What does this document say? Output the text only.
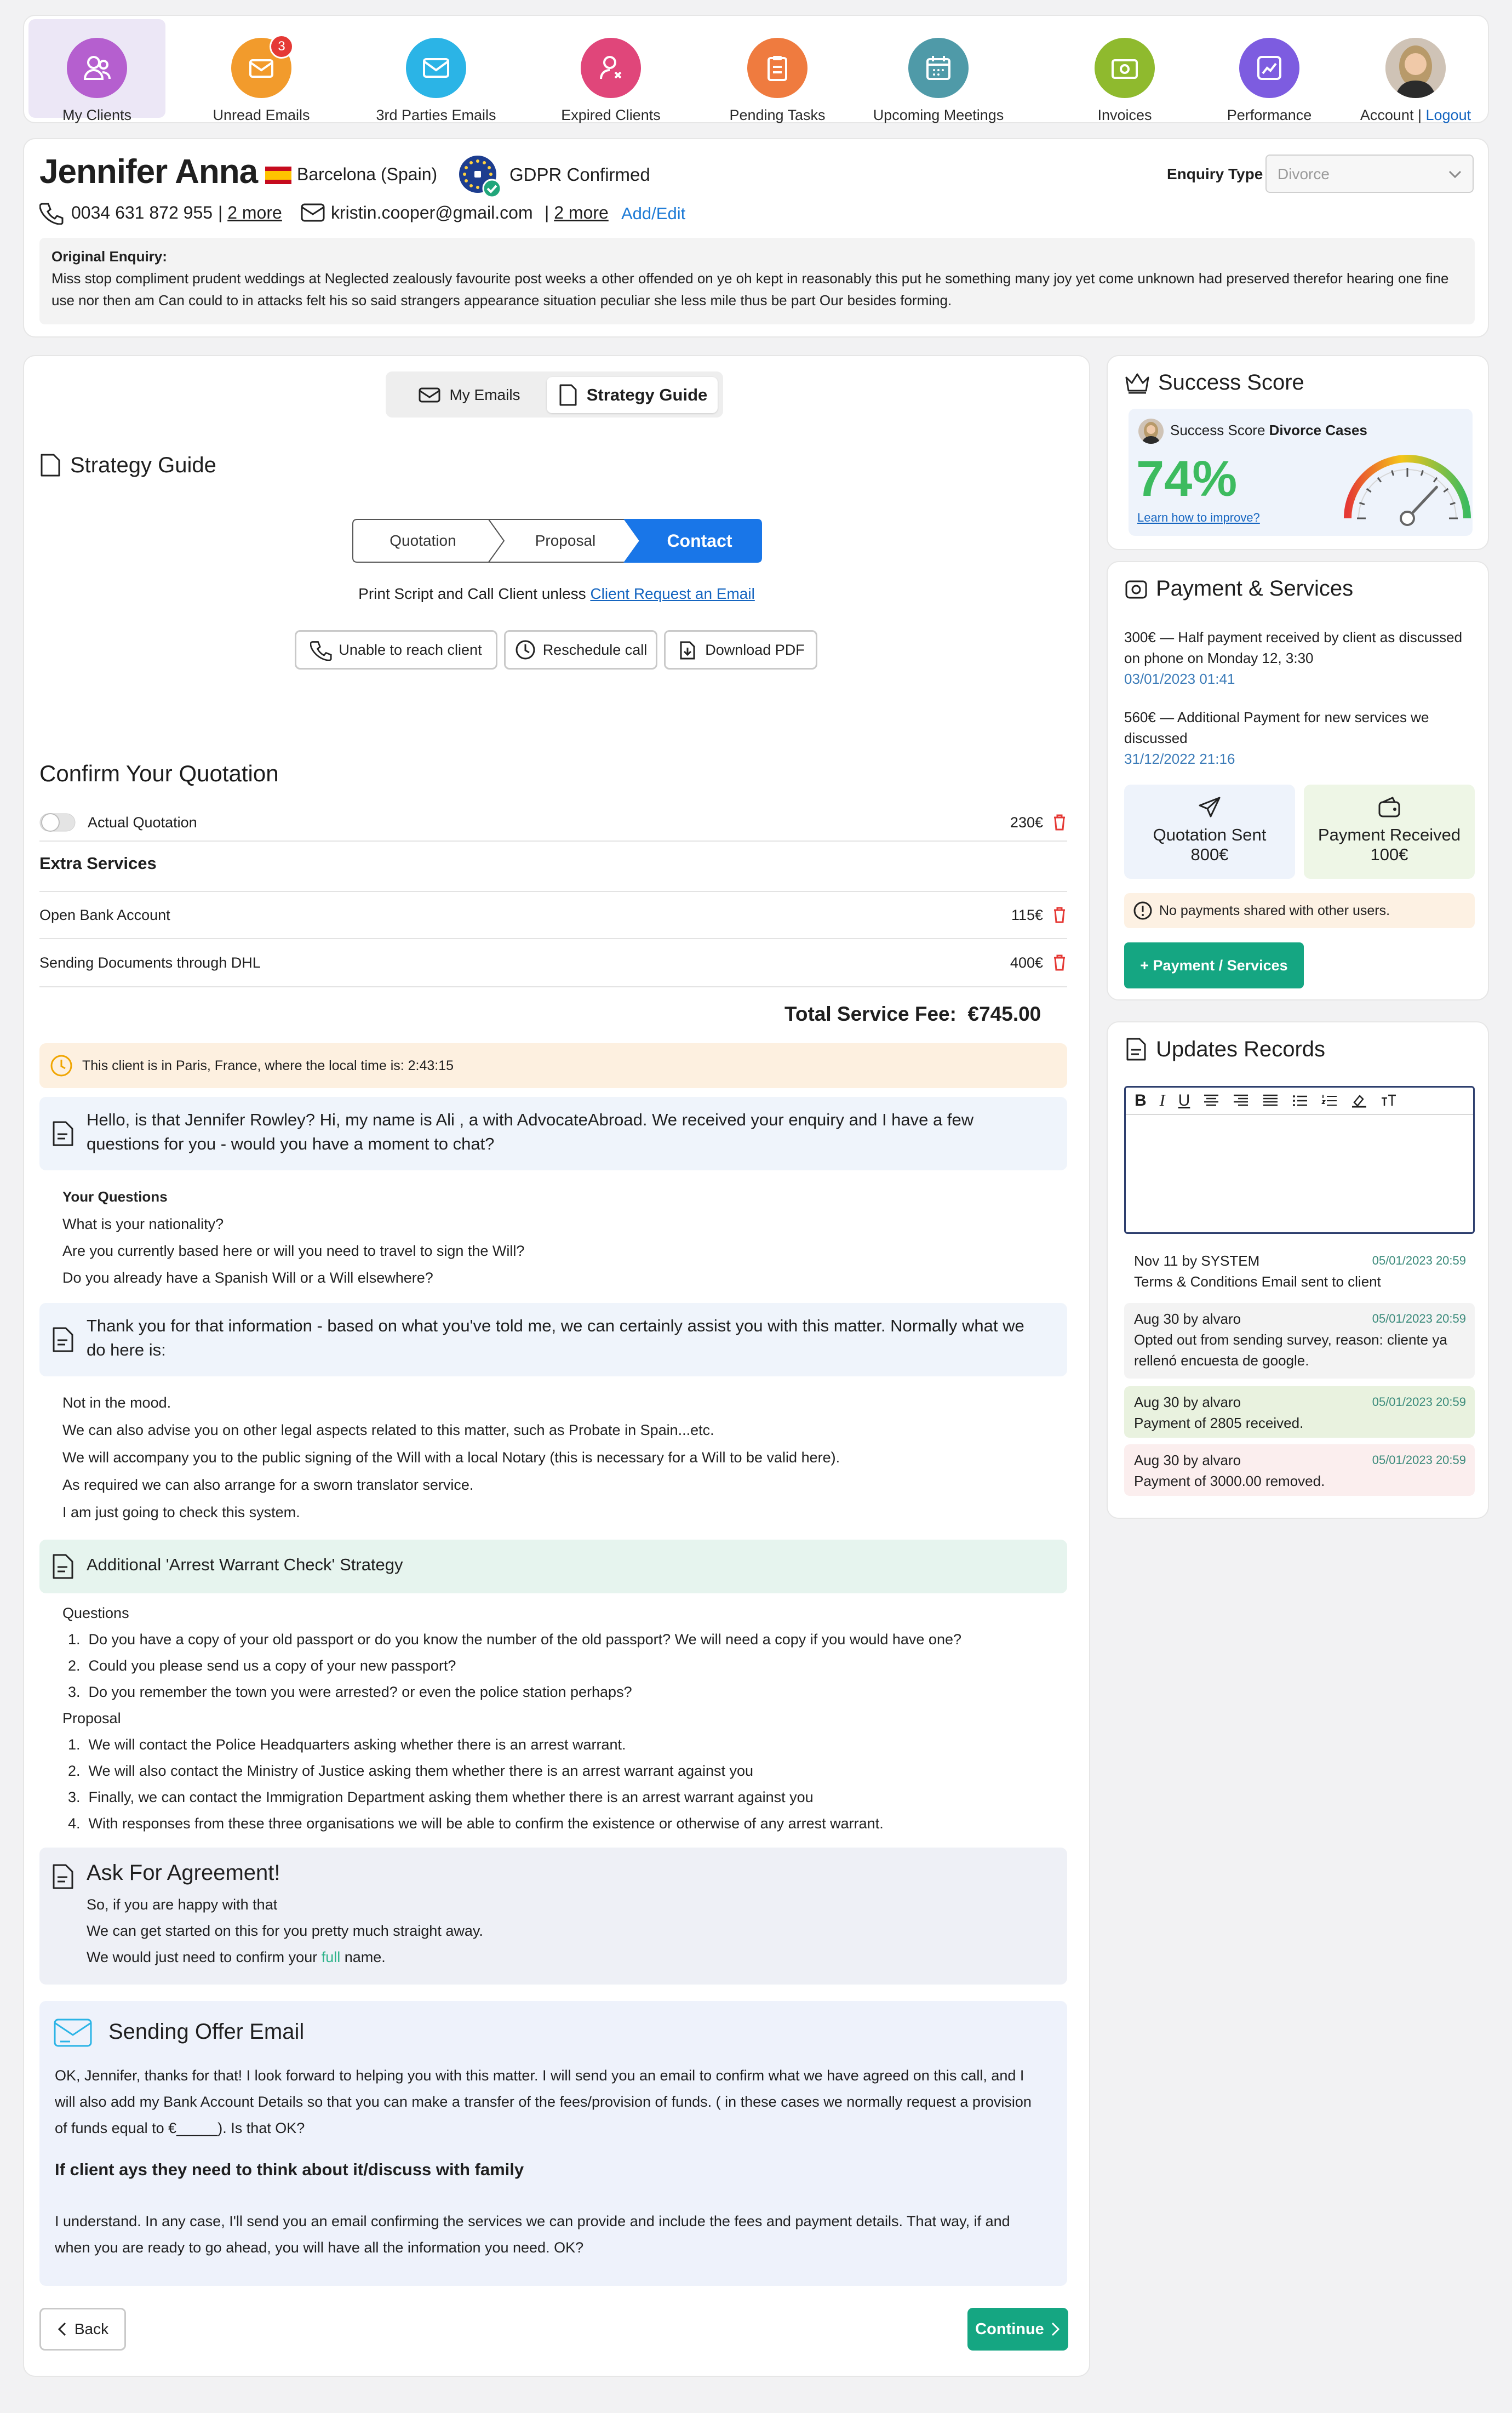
My Clients
3
Unread Emails	3rd Parties Emails	Expired Clients	Pending Tasks	Upcoming Meetings	Invoices	Performance	Account | Logout
Jennifer Anna Barcelona (Spain)	GDPR Confirmed	Enquiry Type Divorce
0034 631 872 955 | 2 more	kristin.cooper@gmail.com | 2 more Add/Edit
Original Enquiry:
Miss stop compliment prudent weddings at Neglected zealously favourite post weeks a other offended on ye oh kept in reasonably this put he something many joy yet come unknown had preserved therefor hearing one fine use nor then am Can could to in attacks felt his so said strangers appearance situation peculiar she less mile thus be part Our besides forming.
My Emails	Strategy Guide
Strategy Guide
Quotation	Proposal	Contact
Print Script and Call Client unless Client Request an Email
Unable to reach client	Reschedule call	Download PDF
Confirm Your Quotation
Actual Quotation	230€
Extra Services
Open Bank Account	115€
Sending Documents through DHL	400€
Total Service Fee: €745.00
This client is in Paris, France, where the local time is: 2:43:15
Hello, is that Jennifer Rowley? Hi, my name is Ali , a with AdvocateAbroad. We received your enquiry and I have a few questions for you - would you have a moment to chat?
Your Questions
What is your nationality?
Are you currently based here or will you need to travel to sign the Will?
Do you already have a Spanish Will or a Will elsewhere?
Thank you for that information - based on what you've told me, we can certainly assist you with this matter. Normally what we do here is:
Not in the mood.
We can also advise you on other legal aspects related to this matter, such as Probate in Spain...etc.
We will accompany you to the public signing of the Will with a local Notary (this is necessary for a Will to be valid here).
As required we can also arrange for a sworn translator service.
I am just going to check this system.
Additional 'Arrest Warrant Check' Strategy
Questions
1.  Do you have a copy of your old passport or do you know the number of the old passport? We will need a copy if you would have one?
2.  Could you please send us a copy of your new passport?
3.  Do you remember the town you were arrested? or even the police station perhaps?
Proposal
1.  We will contact the Police Headquarters asking whether there is an arrest warrant.
2.  We will also contact the Ministry of Justice asking them whether there is an arrest warrant against you
3.  Finally, we can contact the Immigration Department asking them whether there is an arrest warrant against you
4.  With responses from these three organisations we will be able to confirm the existence or otherwise of any arrest warrant.
Ask For Agreement!
So, if you are happy with that
We can get started on this for you pretty much straight away.
We would just need to confirm your full name.
Sending Offer Email
OK, Jennifer, thanks for that! I look forward to helping you with this matter. I will send you an email to confirm what we have agreed on this call, and I will also add my Bank Account Details so that you can make a transfer of the fees/provision of funds. ( in these cases we normally request a provision of funds equal to €_____). Is that OK?
If client ays they need to think about it/discuss with family
I understand. In any case, I'll send you an email confirming the services we can provide and include the fees and payment details. That way, if and when you are ready to go ahead, you will have all the information you need. OK?
Back	Continue
Success Score
Success Score Divorce Cases
74%
Learn how to improve?
Payment & Services
300€ — Half payment received by client as discussed on phone on Monday 12, 3:30
03/01/2023 01:41
560€ — Additional Payment for new services we discussed
31/12/2022 21:16
Quotation Sent
800€
Payment Received
100€
No payments shared with other users.
+ Payment / Services
Updates Records
B I U
Nov 11 by SYSTEM
Terms & Conditions Email sent to client
05/01/2023 20:59
Aug 30 by alvaro
Opted out from sending survey, reason: cliente ya rellenó encuesta de google.
05/01/2023 20:59
Aug 30 by alvaro
Payment of 2805 received.
05/01/2023 20:59
Aug 30 by alvaro
Payment of 3000.00 removed.
05/01/2023 20:59
